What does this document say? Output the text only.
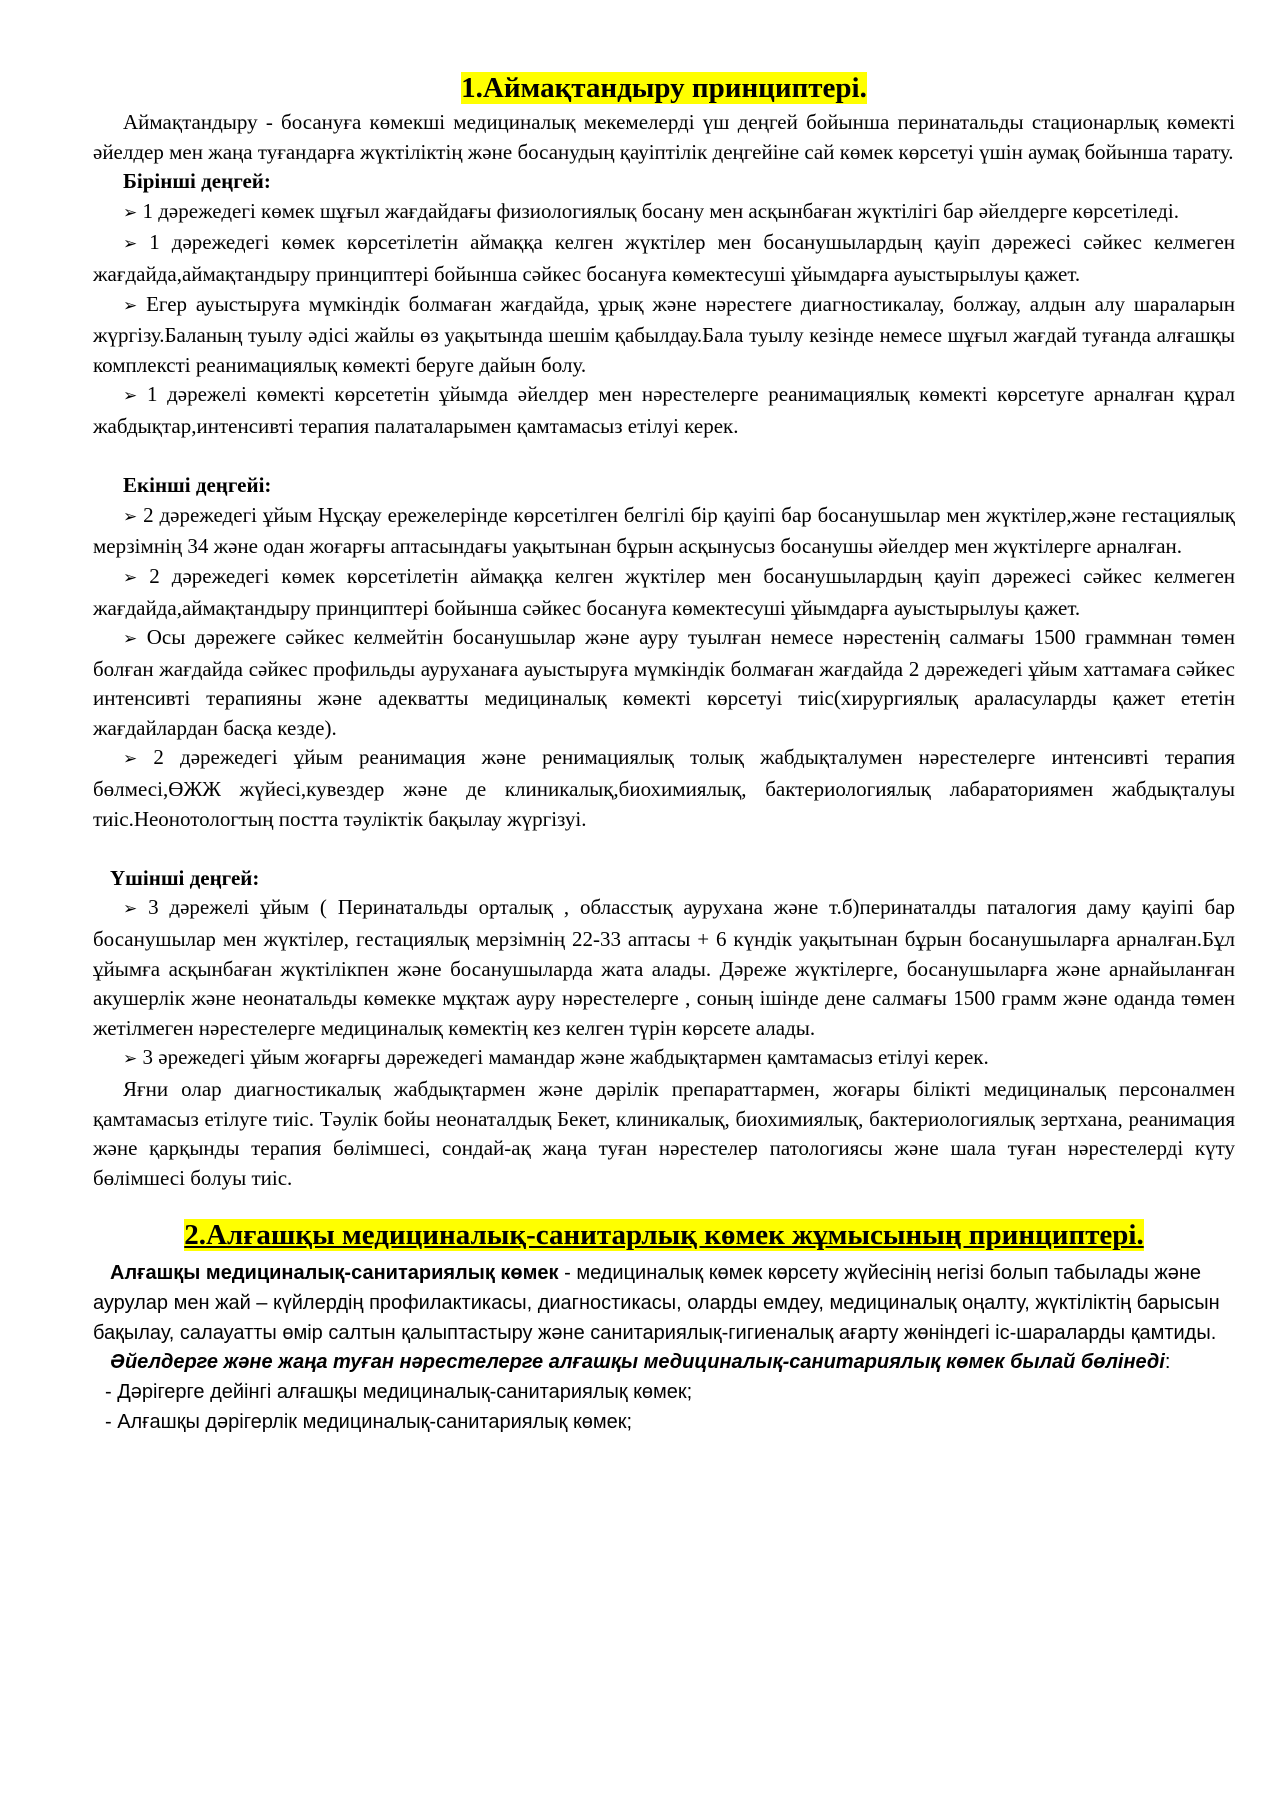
1.Аймақтандыру принциптері.

Аймақтандыру - босануға көмекші медициналық мекемелерді үш деңгей бойынша перинатальды стационарлық көмекті әйелдер мен жаңа туғандарға жүктіліктің және босанудың қауіптілік деңгейіне сай көмек көрсетуі үшін аумақ бойынша тарату.

Бірінші деңгей:

➢ 1 дәрежедегі көмек шұғыл жағдайдағы физиологиялық босану мен асқынбаған жүктілігі бар әйелдерге көрсетіледі.

➢ 1 дәрежедегі көмек көрсетілетін аймаққа келген жүктілер мен босанушылардың қауіп дәрежесі сәйкес келмеген жағдайда,аймақтандыру принциптері бойынша сәйкес босануға көмектесуші ұйымдарға ауыстырылуы қажет.

➢ Егер ауыстыруға мүмкіндік болмаған жағдайда, ұрық және нәрестеге диагностикалау, болжау, алдын алу шараларын жүргізу.Баланың туылу әдісі жайлы өз уақытында шешім қабылдау.Бала туылу кезінде немесе шұғыл жағдай туғанда алғашқы комплексті реанимациялық көмекті беруге дайын болу.

➢ 1 дәрежелі көмекті көрсететін ұйымда әйелдер мен нәрестелерге реанимациялық көмекті көрсетуге арналған құрал жабдықтар,интенсивті терапия палаталарымен қамтамасыз етілуі керек.

Екінші деңгейі:

➢ 2 дәрежедегі ұйым Нұсқау ережелерінде көрсетілген белгілі бір қауіпі бар босанушылар мен жүктілер,және гестациялық мерзімнің 34 және одан жоғарғы аптасындағы уақытынан бұрын асқынусыз босанушы әйелдер мен жүктілерге арналған.

➢ 2 дәрежедегі көмек көрсетілетін аймаққа келген жүктілер мен босанушылардың қауіп дәрежесі сәйкес келмеген жағдайда,аймақтандыру принциптері бойынша сәйкес босануға көмектесуші ұйымдарға ауыстырылуы қажет.

➢ Осы дәрежеге сәйкес келмейтін босанушылар және ауру туылған немесе нәрестенің салмағы 1500 граммнан төмен болған жағдайда сәйкес профильды ауруханаға ауыстыруға мүмкіндік болмаған жағдайда 2 дәрежедегі ұйым хаттамаға сәйкес интенсивті терапияны және адекватты медициналық көмекті көрсетуі тиіс(хирургиялық араласуларды қажет ететін жағдайлардан басқа кезде).

➢ 2 дәрежедегі ұйым реанимация және ренимациялық толық жабдықталумен нәрестелерге интенсивті терапия бөлмесі,ӨЖЖ жүйесі,кувездер және де клиникалық,биохимиялық, бактериологиялық лабараториямен жабдықталуы тиіс.Неонотологтың постта тәуліктік бақылау жүргізуі.

Үшінші деңгей:

➢ 3 дәрежелі ұйым ( Перинатальды орталық , обласстық аурухана және т.б)перинаталды паталогия даму қауіпі бар босанушылар мен жүктілер, гестациялық мерзімнің 22-33 аптасы + 6 күндік уақытынан бұрын босанушыларға арналған.Бұл ұйымға асқынбаған жүктілікпен және босанушыларда жата алады. Дәреже жүктілерге, босанушыларға және арнайыланған акушерлік және неонатальды көмекке мұқтаж ауру нәрестелерге , соның ішінде дене салмағы 1500 грамм және оданда төмен жетілмеген нәрестелерге медициналық көмектің кез келген түрін көрсете алады.

➢ 3 әрежедегі ұйым жоғарғы дәрежедегі мамандар және жабдықтармен қамтамасыз етілуі керек.

Яғни олар диагностикалық жабдықтармен және дәрілік препараттармен, жоғары білікті медициналық персоналмен қамтамасыз етілуге тиіс. Тәулік бойы неонаталдық Бекет, клиникалық, биохимиялық, бактериологиялық зертхана, реанимация және қарқынды терапия бөлімшесі, сондай-ақ жаңа туған нәрестелер патологиясы және шала туған нәрестелерді күту бөлімшесі болуы тиіс.

2.Алғашқы медициналық-санитарлық көмек жұмысының принциптері.

Алғашқы медициналық-санитариялық көмек - медициналық көмек көрсету жүйесінің негізі болып табылады және аурулар мен жай – күйлердің профилактикасы, диагностикасы, оларды емдеу, медициналық оңалту, жүктіліктің барысын бақылау, салауатты өмір салтын қалыптастыру және санитариялық-гигиеналық ағарту жөніндегі іс-шараларды қамтиды.

Әйелдерге және жаңа туған нәрестелерге алғашқы медициналық-санитариялық көмек былай бөлінеді:

- Дәрігерге дейінгі алғашқы медициналық-санитариялық көмек;

- Алғашқы дәрігерлік медициналық-санитариялық көмек;
